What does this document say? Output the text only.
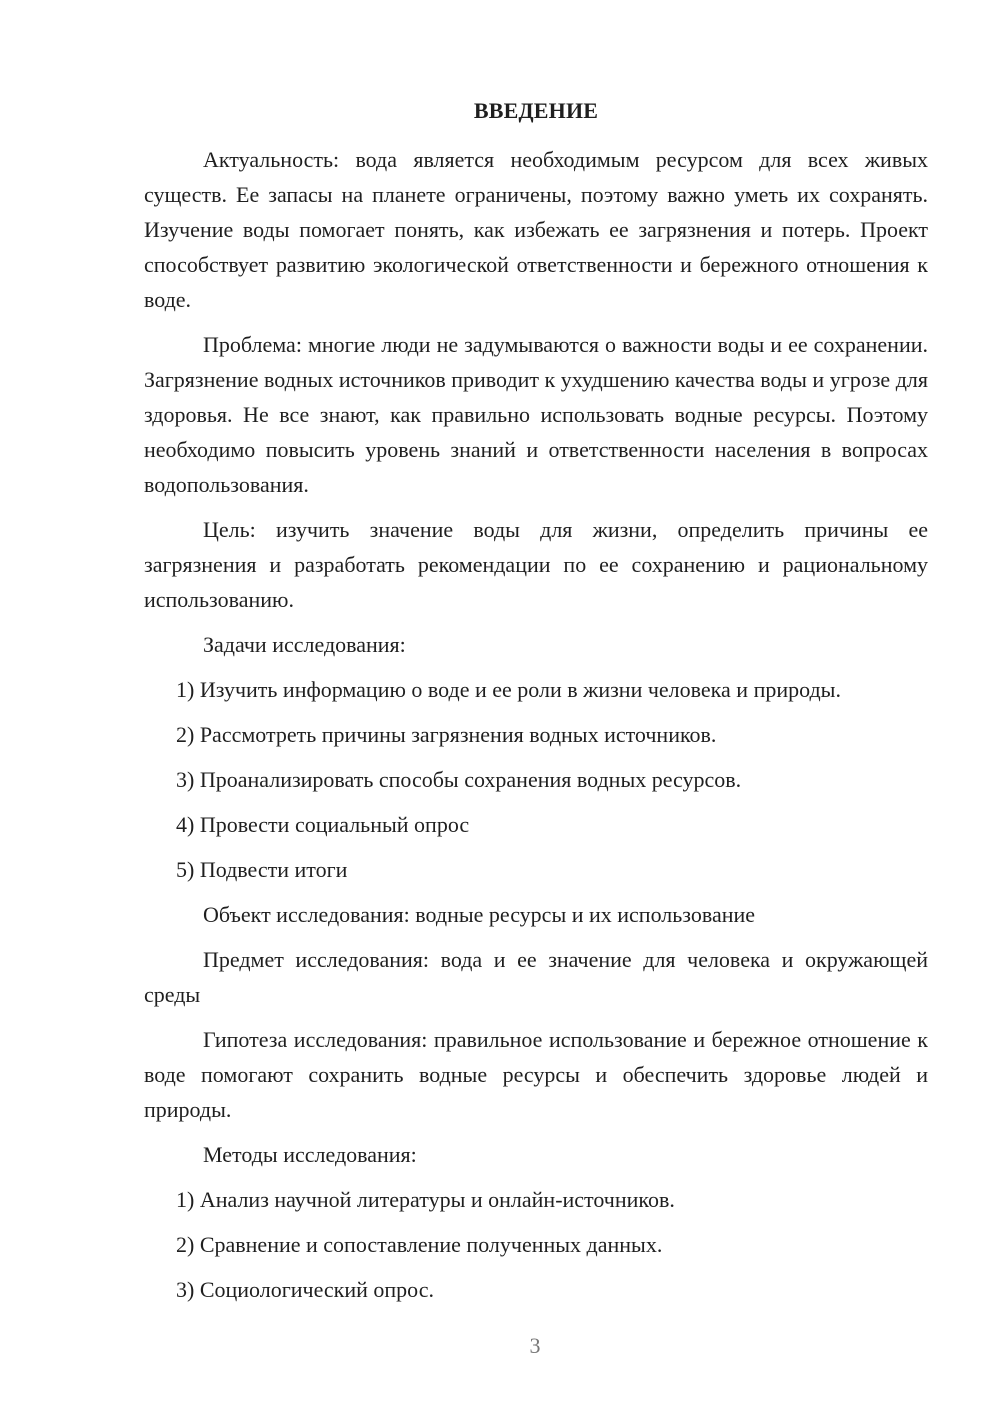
ВВЕДЕНИЕ

Актуальность: вода является необходимым ресурсом для всех живых существ. Ее запасы на планете ограничены, поэтому важно уметь их сохранять. Изучение воды помогает понять, как избежать ее загрязнения и потерь. Проект способствует развитию экологической ответственности и бережного отношения к воде.

Проблема: многие люди не задумываются о важности воды и ее сохранении. Загрязнение водных источников приводит к ухудшению качества воды и угрозе для здоровья. Не все знают, как правильно использовать водные ресурсы. Поэтому необходимо повысить уровень знаний и ответственности населения в вопросах водопользования.

Цель: изучить значение воды для жизни, определить причины ее загрязнения и разработать рекомендации по ее сохранению и рациональному использованию.

Задачи исследования:

1) Изучить информацию о воде и ее роли в жизни человека и природы.

2) Рассмотреть причины загрязнения водных источников.

3) Проанализировать способы сохранения водных ресурсов.

4) Провести социальный опрос

5) Подвести итоги

Объект исследования: водные ресурсы и их использование

Предмет исследования: вода и ее значение для человека и окружающей среды

Гипотеза исследования: правильное использование и бережное отношение к воде помогают сохранить водные ресурсы и обеспечить здоровье людей и природы.

Методы исследования:

1) Анализ научной литературы и онлайн-источников.

2) Сравнение и сопоставление полученных данных.

3) Социологический опрос.

3
